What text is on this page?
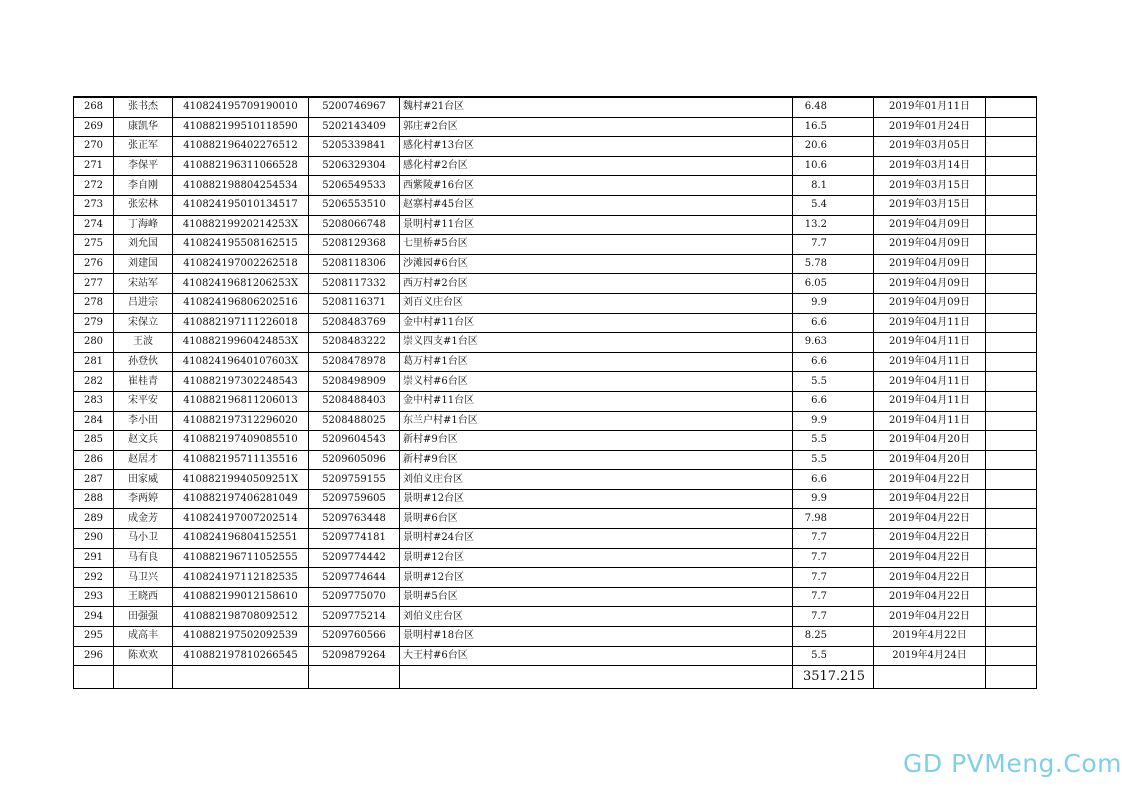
268	张书杰	410824195709190010	5200746967	魏村#21台区	6.48	2019年01月11日	
269	康凯华	410882199510118590	5202143409	郭庄#2台区	16.5	2019年01月24日	
270	张正军	410882196402276512	5205339841	感化村#13台区	20.6	2019年03月05日	
271	李保平	410882196311066528	5206329304	感化村#2台区	10.6	2019年03月14日	
272	李自刚	410882198804254534	5206549533	西紫陵#16台区	8.1	2019年03月15日	
273	张宏林	410824195010134517	5206553510	赵寨村#45台区	5.4	2019年03月15日	
274	丁海峰	41088219920214253X	5208066748	景明村#11台区	13.2	2019年04月09日	
275	刘允国	410824195508162515	5208129368	七里桥#5台区	7.7	2019年04月09日	
276	刘建国	410824197002262518	5208118306	沙滩园#6台区	5.78	2019年04月09日	
277	宋站军	41082419681206253X	5208117332	西万村#2台区	6.05	2019年04月09日	
278	吕进宗	410824196806202516	5208116371	刘百义庄台区	9.9	2019年04月09日	
279	宋保立	410882197111226018	5208483769	金中村#11台区	6.6	2019年04月11日	
280	王波	41088219960424853X	5208483222	崇义四支#1台区	9.63	2019年04月11日	
281	孙登伙	41082419640107603X	5208478978	葛万村#1台区	6.6	2019年04月11日	
282	崔桂青	410882197302248543	5208498909	崇义村#6台区	5.5	2019年04月11日	
283	宋平安	410882196811206013	5208488403	金中村#11台区	6.6	2019年04月11日	
284	李小田	410882197312296020	5208488025	东兰户村#1台区	9.9	2019年04月11日	
285	赵文兵	410882197409085510	5209604543	新村#9台区	5.5	2019年04月20日	
286	赵居才	410882195711135516	5209605096	新村#9台区	5.5	2019年04月20日	
287	田家威	41088219940509251X	5209759155	刘伯义庄台区	6.6	2019年04月22日	
288	李两婷	410882197406281049	5209759605	景明#12台区	9.9	2019年04月22日	
289	成金芳	410824197007202514	5209763448	景明#6台区	7.98	2019年04月22日	
290	马小卫	410824196804152551	5209774181	景明村#24台区	7.7	2019年04月22日	
291	马有良	410882196711052555	5209774442	景明#12台区	7.7	2019年04月22日	
292	马卫兴	410824197112182535	5209774644	景明#12台区	7.7	2019年04月22日	
293	王晓西	410882199012158610	5209775070	景明#5台区	7.7	2019年04月22日	
294	田强强	410882198708092512	5209775214	刘伯义庄台区	7.7	2019年04月22日	
295	成高丰	410882197502092539	5209760566	景明村#18台区	8.25	2019年4月22日	
296	陈欢欢	410882197810266545	5209879264	大王村#6台区	5.5	2019年4月24日	
					3517.215		
GD PVMeng.Com
